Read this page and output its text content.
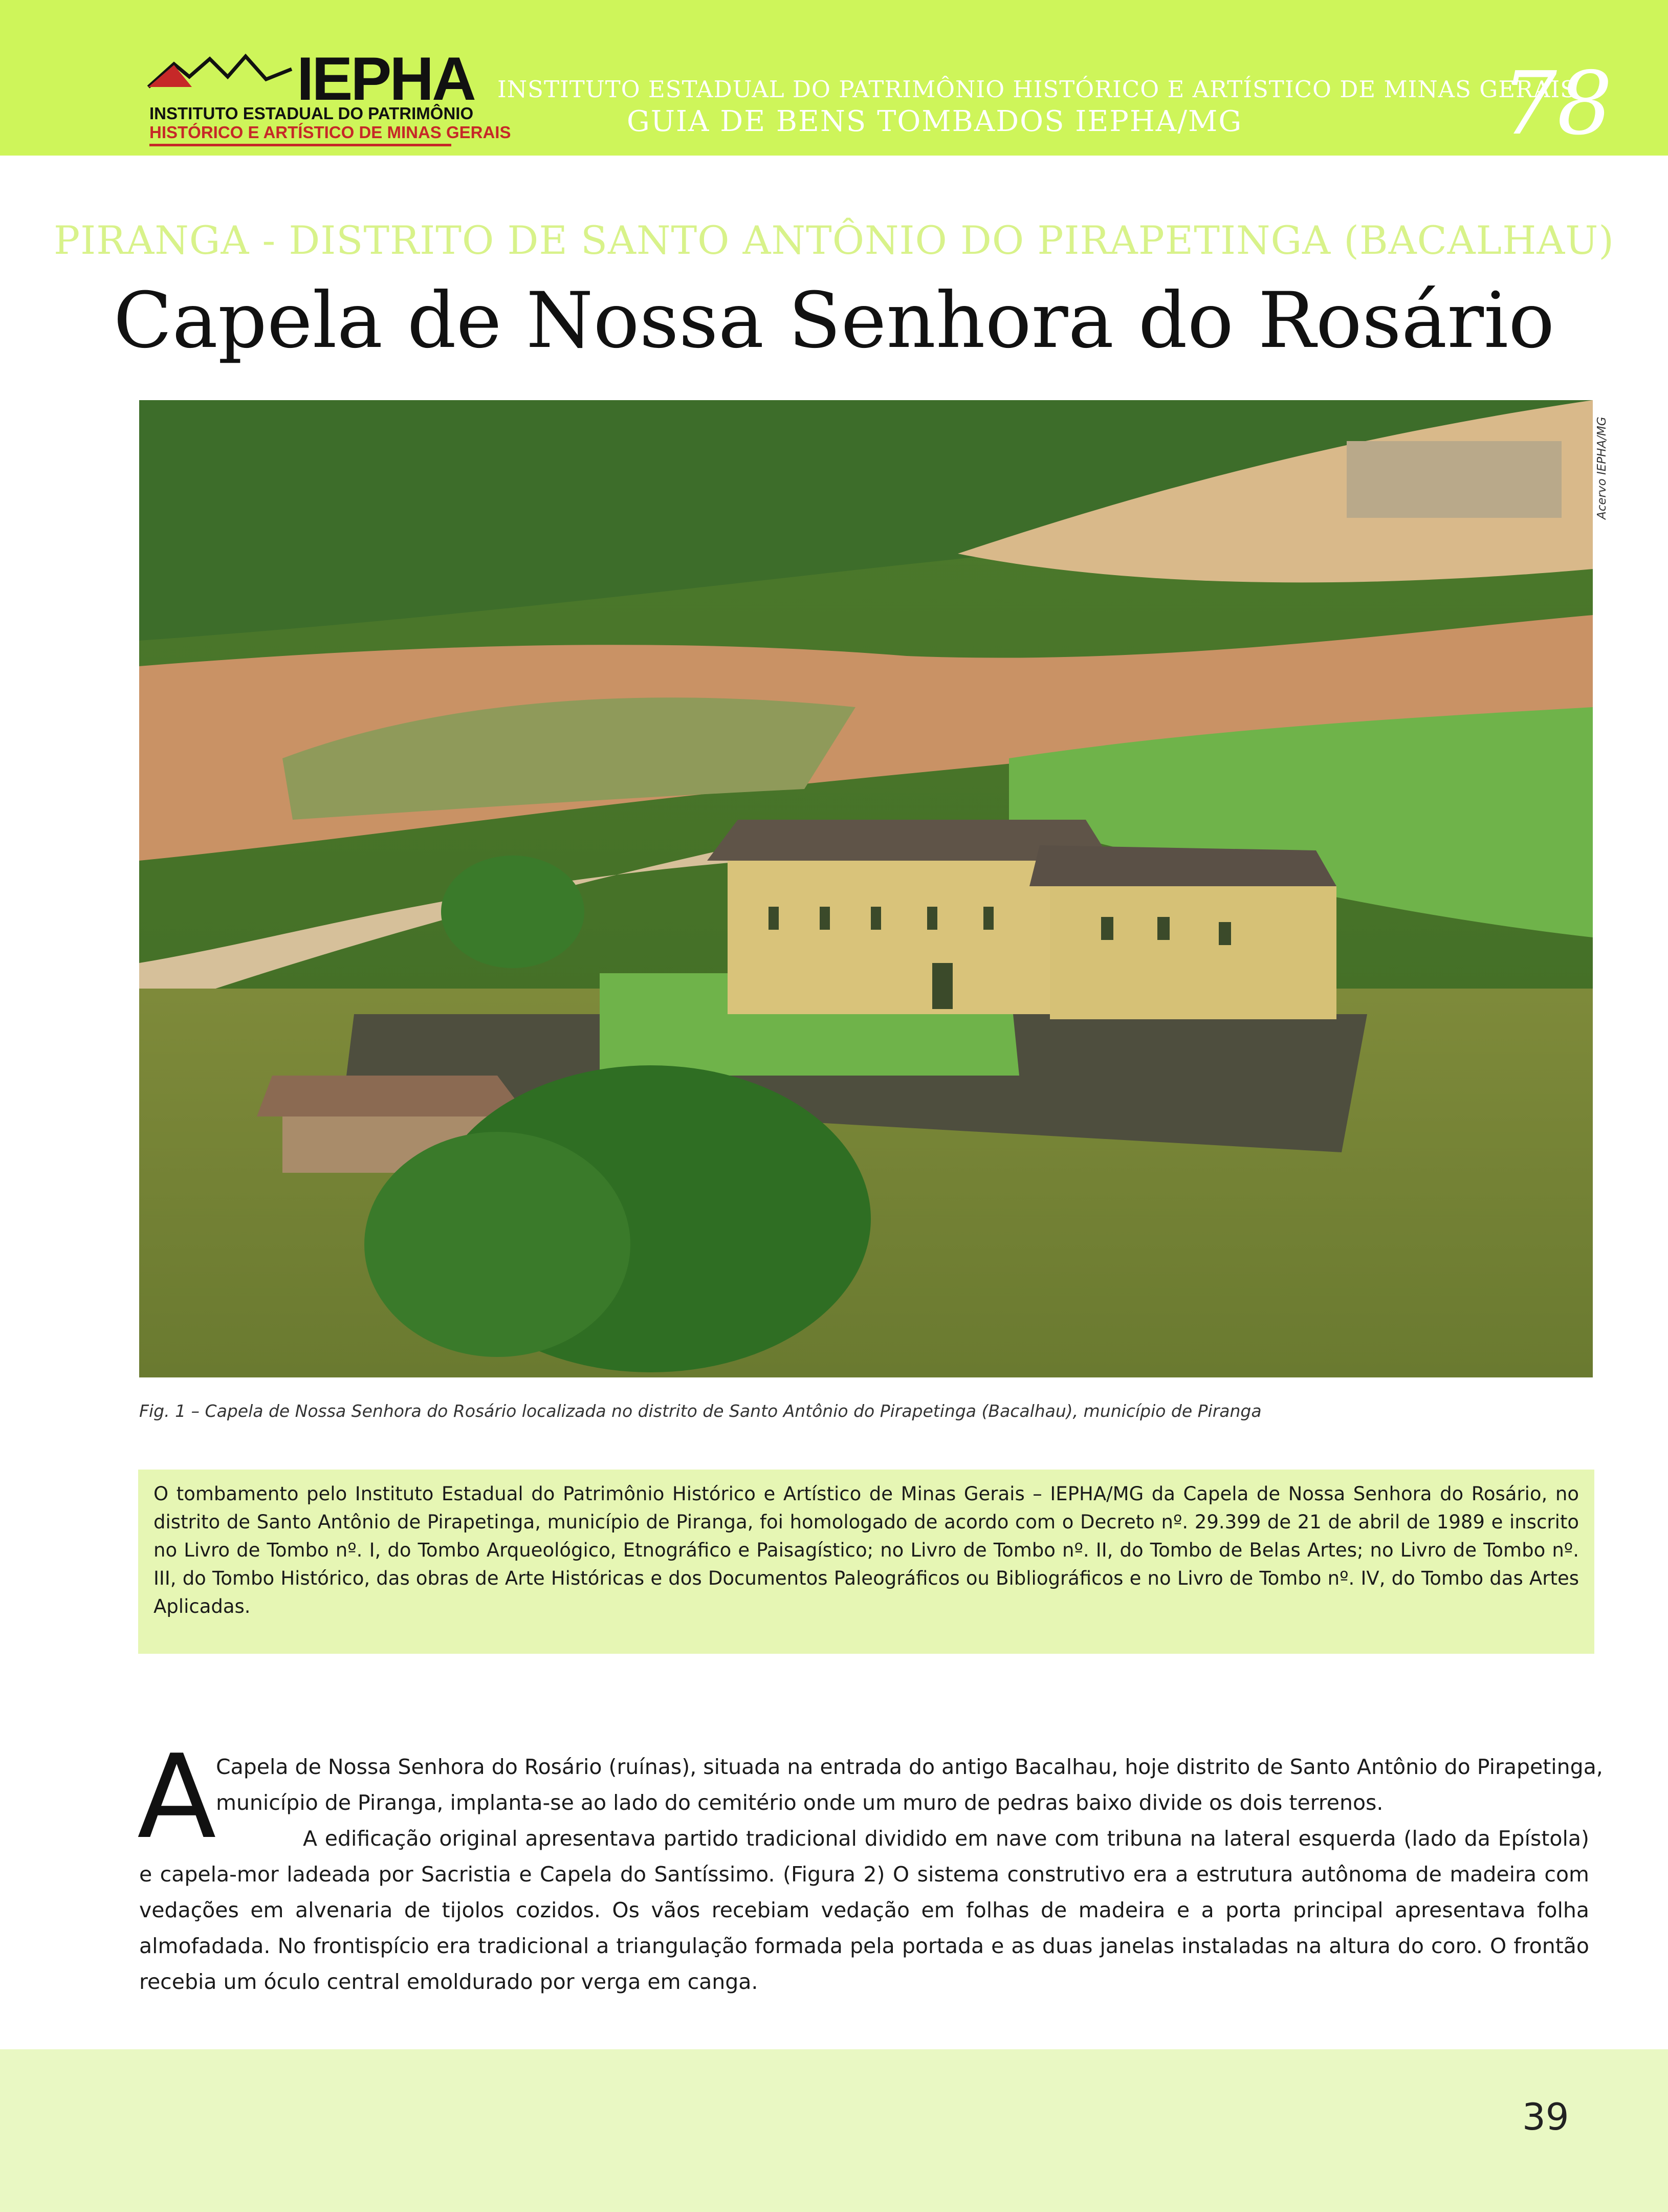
IEPHA
INSTITUTO ESTADUAL DO PATRIMÔNIO
HISTÓRICO E ARTÍSTICO DE MINAS GERAIS
INSTITUTO ESTADUAL DO PATRIMÔNIO HISTÓRICO E ARTÍSTICO DE MINAS GERAIS
GUIA DE BENS TOMBADOS IEPHA/MG	78
PIRANGA - DISTRITO DE SANTO ANTÔNIO DO PIRAPETINGA (BACALHAU)
Capela de Nossa Senhora do Rosário
Acervo IEPHA/MG
Fig. 1 – Capela de Nossa Senhora do Rosário localizada no distrito de Santo Antônio do Pirapetinga (Bacalhau), município de Piranga

O tombamento pelo Instituto Estadual do Patrimônio Histórico e Artístico de Minas Gerais – IEPHA/MG da Capela de Nossa Senhora do Rosário, no distrito de Santo Antônio de Pirapetinga, município de Piranga, foi homologado de acordo com o Decreto nº. 29.399 de 21 de abril de 1989 e inscrito no Livro de Tombo nº. I, do Tombo Arqueológico, Etnográfico e Paisagístico; no Livro de Tombo nº. II, do Tombo de Belas Artes; no Livro de Tombo nº. III, do Tombo Histórico, das obras de Arte Históricas e dos Documentos Paleográficos ou Bibliográficos e no Livro de Tombo nº. IV, do Tombo das Artes Aplicadas.

A Capela de Nossa Senhora do Rosário (ruínas), situada na entrada do antigo Bacalhau, hoje distrito de Santo Antônio do Pirapetinga,
município de Piranga, implanta-se ao lado do cemitério onde um muro de pedras baixo divide os dois terrenos.
A edificação original apresentava partido tradicional dividido em nave com tribuna na lateral esquerda (lado da Epístola) e capela-mor ladeada por Sacristia e Capela do Santíssimo. (Figura 2) O sistema construtivo era a estrutura autônoma de madeira com vedações em alvenaria de tijolos cozidos. Os vãos recebiam vedação em folhas de madeira e a porta principal apresentava folha almofadada. No frontispício era tradicional a triangulação formada pela portada e as duas janelas instaladas na altura do coro. O frontão recebia um óculo central emoldurado por verga em canga.
39
